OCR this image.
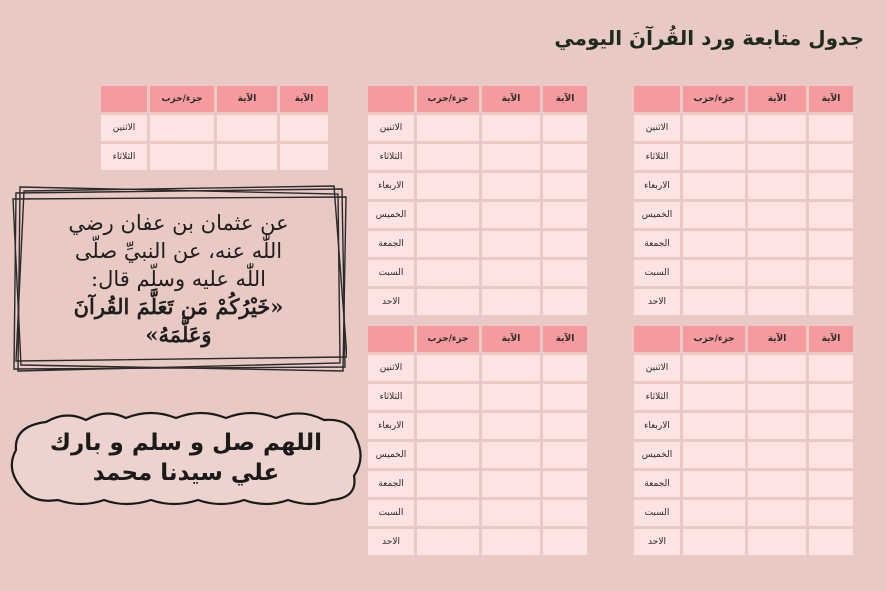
جدول متابعة ورد القُرآنَ اليومي
جزء/حزب	الآية	الآية
الاثنين
الثلاثاء
جزء/حزب	الآية	الآية
الاثنين
الثلاثاء
الاربعاء
الخميس
الجمعة
السبت
الاحد
جزء/حزب	الآية	الآية
الاثنين
الثلاثاء
الاربعاء
الخميس
الجمعة
السبت
الاحد
جزء/حزب	الآية	الآية
الاثنين
الثلاثاء
الاربعاء
الخميس
الجمعة
السبت
الاحد
جزء/حزب	الآية	الآية
الاثنين
الثلاثاء
الاربعاء
الخميس
الجمعة
السبت
الاحد
عن عثمان بن عفان رضي
اللّٰه عنه، عن النبيِّ صلّى
اللّٰه عليه وسلّم قال:
«خَيْرُكُمْ مَن تَعَلَّمَ القُرآنَ
وَعَلَّمَهُ»
اللهم صل و سلم و بارك
علي سيدنا محمد
